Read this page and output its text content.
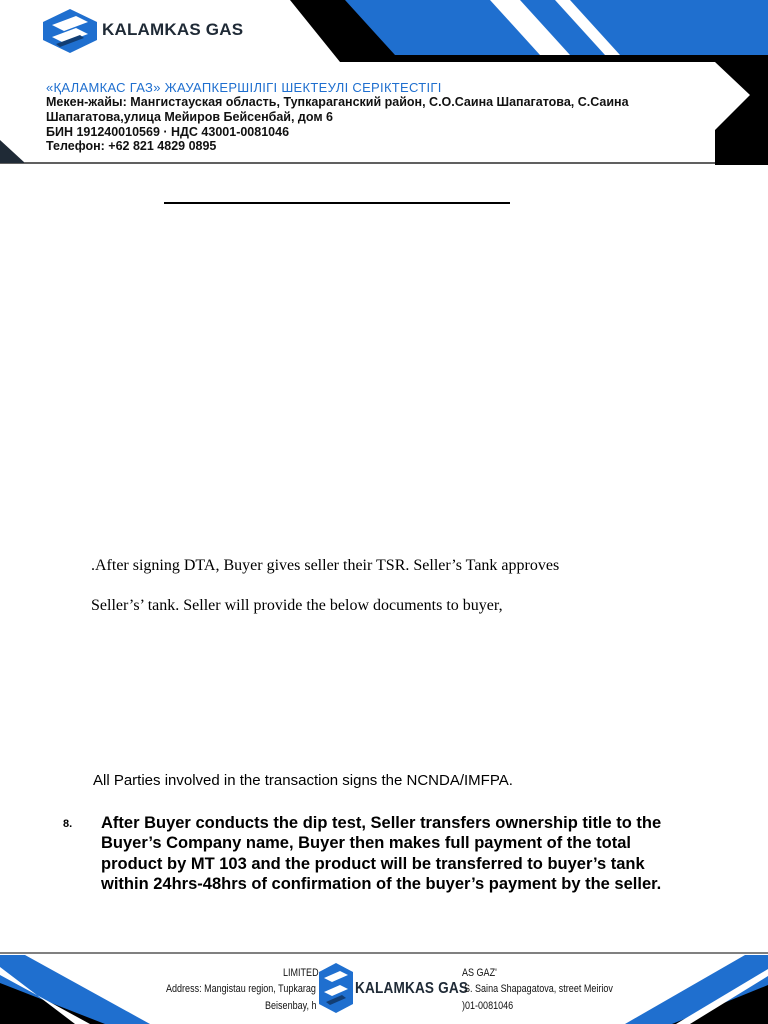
KALAMKAS GAS
«ҚАЛАМКАС ГАЗ» ЖАУАПКЕРШІЛІГІ ШЕКТЕУЛІ СЕРІКТЕСТІГІ
Мекен-жайы: Мангистауская область, Тупкараганский район, С.О.Саина Шапагатова, С.Саина
Шапагатова,улица Мейиров Бейсенбай, дом 6
БИН 191240010569 · НДС 43001-0081046
Телефон: +62 821 4829 0895
.After signing DTA, Buyer gives seller their TSR. Seller’s Tank approves
Seller’s’ tank. Seller will provide the below documents to buyer,
All Parties involved in the transaction signs the NCNDA/IMFPA.
8. After Buyer conducts the dip test, Seller transfers ownership title to the Buyer’s Company name, Buyer then makes full payment of the total product by MT 103 and the product will be transferred to buyer’s tank within 24hrs-48hrs of confirmation of the buyer’s payment by the seller.
LIMITED
Address: Mangistau region, Tupkarag
Beisenbay, h
KALAMKAS GAS
AS GAZ'
S. Saina Shapagatova, street Meiriov
)01-0081046
